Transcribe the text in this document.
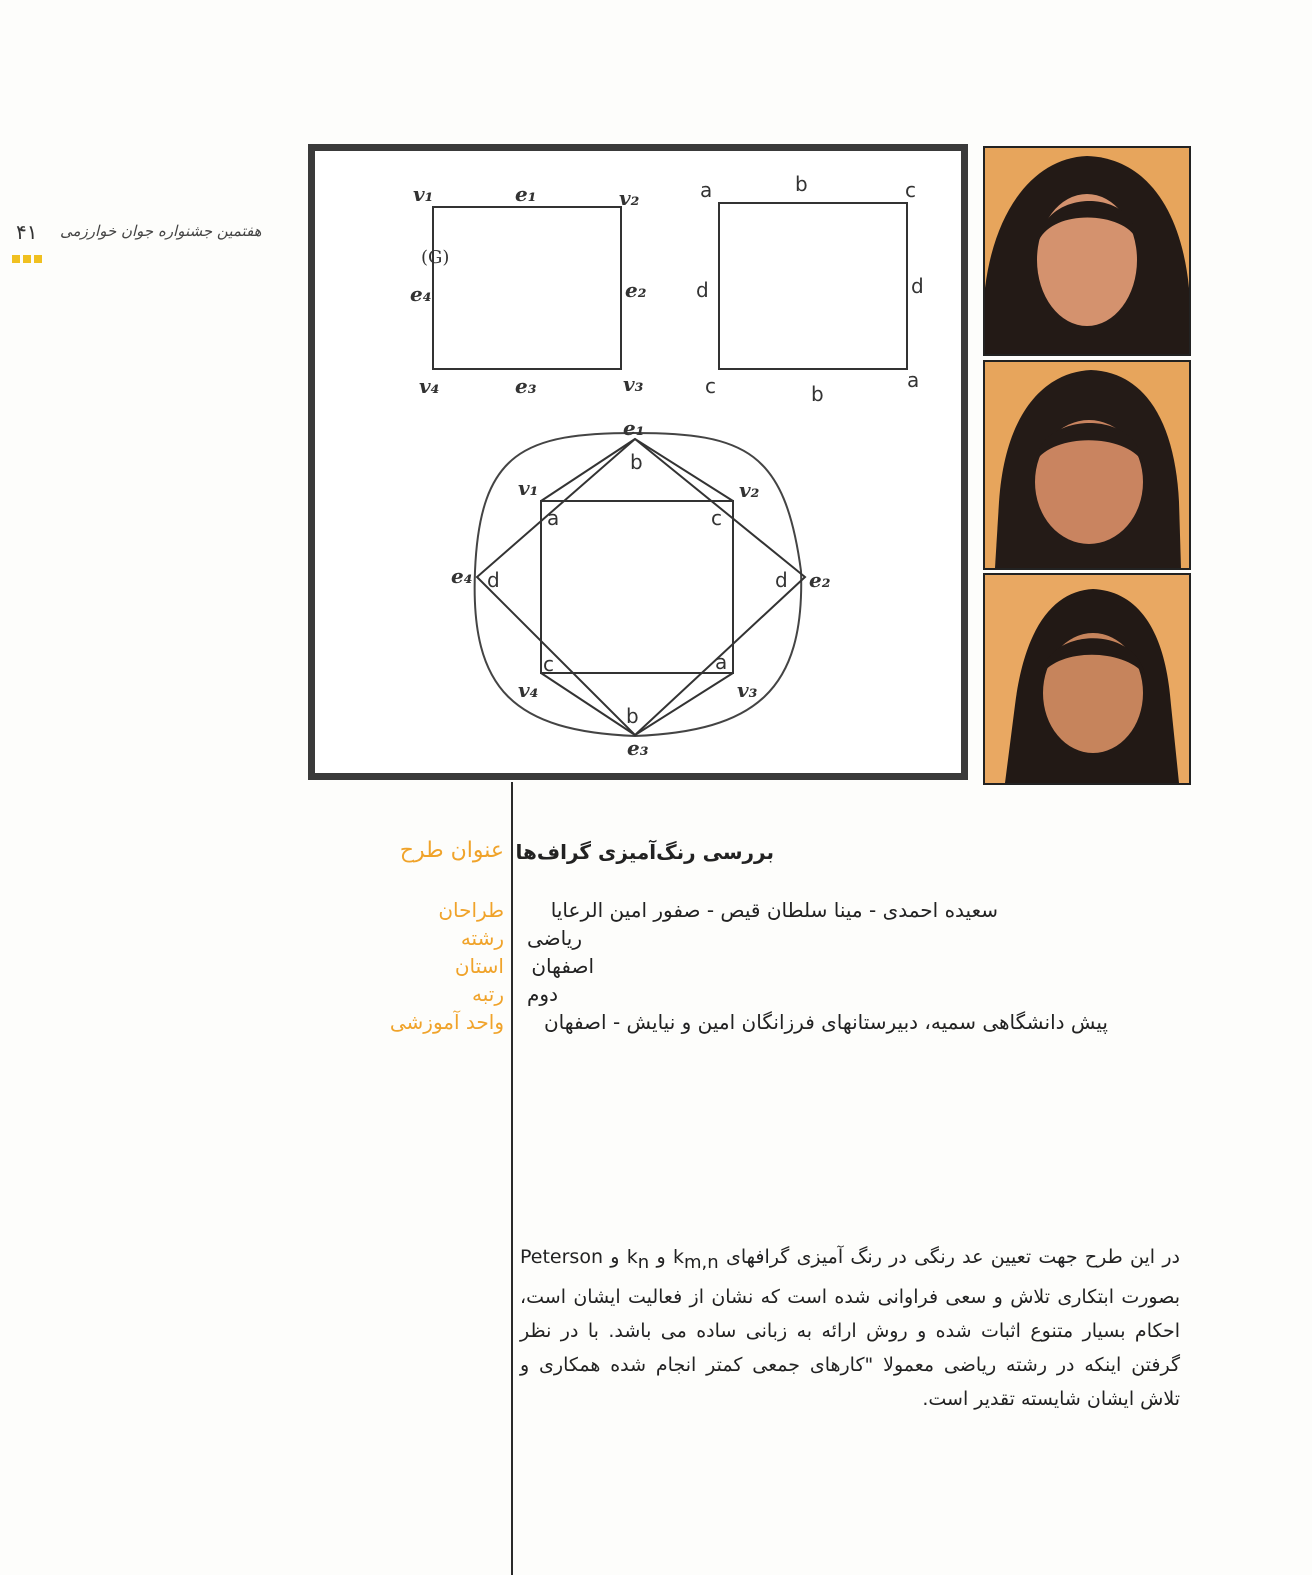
۴۱ هفتمین جشنواره جوان خوارزمی
v₁	e₁	v₂
(G)
e₄	e₂
v₄	e₃	v₃
a	b	c
d	d
c	b
a
e₁
b
v₁	v₂
a	c
e₄ d	d e₂
c	a
v₄	v₃
b
e₃
عنوان طرح بررسی رنگ‌آمیزی گراف‌ها
طراحان سعیده احمدی - مینا سلطان قیص - صفور امین الرعایا
رشته ریاضی
استان اصفهان
رتبه دوم
واحد آموزشی پیش دانشگاهی سمیه، دبیرستانهای فرزانگان امین و نیایش - اصفهان
در این طرح جهت تعیین عد رنگی در رنگ آمیزی گرافهای $k_{m,n}$ و $k_n$ و Peterson بصورت ابتکاری تلاش و سعی فراوانی شده است که نشان از فعالیت ایشان است، احکام بسیار متنوع اثبات شده و روش ارائه به زبانی ساده می باشد. با در نظر گرفتن اینکه در رشته ریاضی معمولا "کارهای جمعی کمتر انجام شده همکاری و تلاش ایشان شایسته تقدیر است.
